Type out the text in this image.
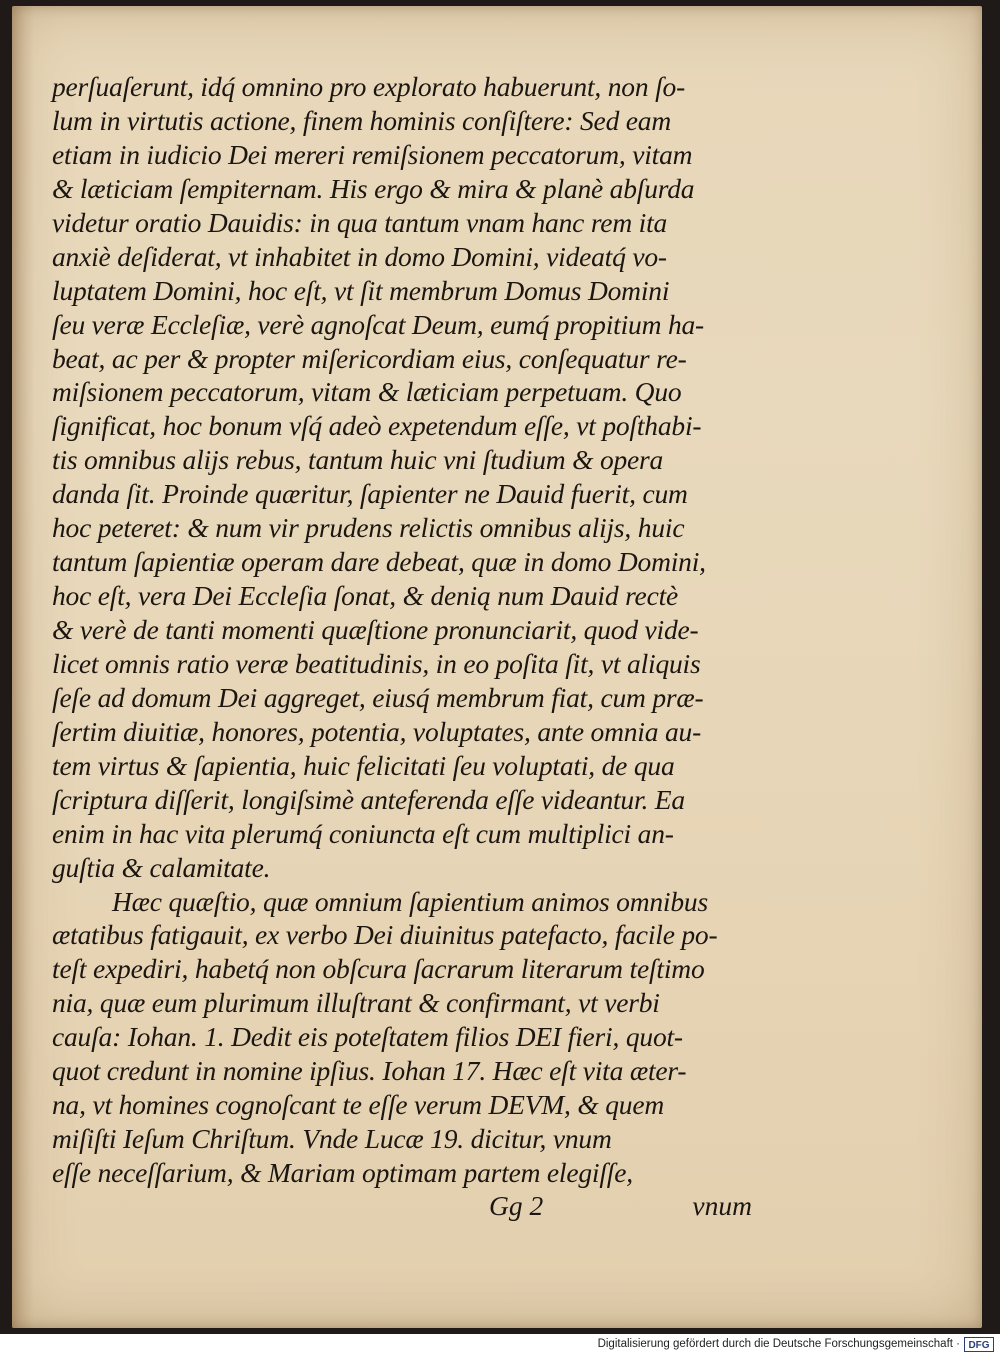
perſuaſerunt, idq́ omnino pro explorato habuerunt, non ſo-
lum in virtutis actione, finem hominis conſiſtere: Sed eam
etiam in iudicio Dei mereri remiſsionem peccatorum, vitam
& læticiam ſempiternam. His ergo & mira & planè abſurda
videtur oratio Dauidis: in qua tantum vnam hanc rem ita
anxiè deſiderat, vt inhabitet in domo Domini, videatq́ vo-
luptatem Domini, hoc eſt, vt ſit membrum Domus Domini
ſeu veræ Eccleſiæ, verè agnoſcat Deum, eumq́ propitium ha-
beat, ac per & propter miſericordiam eius, conſequatur re-
miſsionem peccatorum, vitam & læticiam perpetuam. Quo
ſignificat, hoc bonum vſq́ adeò expetendum eſſe, vt poſthabi-
tis omnibus alijs rebus, tantum huic vni ſtudium & opera
danda ſit. Proinde quæritur, ſapienter ne Dauid fuerit, cum
hoc peteret: & num vir prudens relictis omnibus alijs, huic
tantum ſapientiæ operam dare debeat, quæ in domo Domini,
hoc eſt, vera Dei Eccleſia ſonat, & denią num Dauid rectè
& verè de tanti momenti quæſtione pronunciarit, quod vide-
licet omnis ratio veræ beatitudinis, in eo poſita ſit, vt aliquis
ſeſe ad domum Dei aggreget, eiusq́ membrum fiat, cum præ-
ſertim diuitiæ, honores, potentia, voluptates, ante omnia au-
tem virtus & ſapientia, huic felicitati ſeu voluptati, de qua
ſcriptura diſſerit, longiſsimè anteferenda eſſe videantur. Ea
enim in hac vita plerumq́ coniuncta eſt cum multiplici an-
guſtia & calamitate.
Hæc quæſtio, quæ omnium ſapientium animos omnibus
ætatibus fatigauit, ex verbo Dei diuinitus patefacto, facile po-
teſt expediri, habetq́ non obſcura ſacrarum literarum teſtimo
nia, quæ eum plurimum illuſtrant & confirmant, vt verbi
cauſa: Iohan. 1. Dedit eis poteſtatem filios DEI fieri, quot-
quot credunt in nomine ipſius. Iohan 17. Hæc eſt vita æter-
na, vt homines cognoſcant te eſſe verum DEVM, & quem
miſiſti Ieſum Chriſtum. Vnde Lucæ 19. dicitur, vnum
eſſe neceſſarium, & Mariam optimam partem elegiſſe,
Gg 2	vnum
Digitalisierung gefördert durch die Deutsche Forschungsgemeinschaft · DFG
